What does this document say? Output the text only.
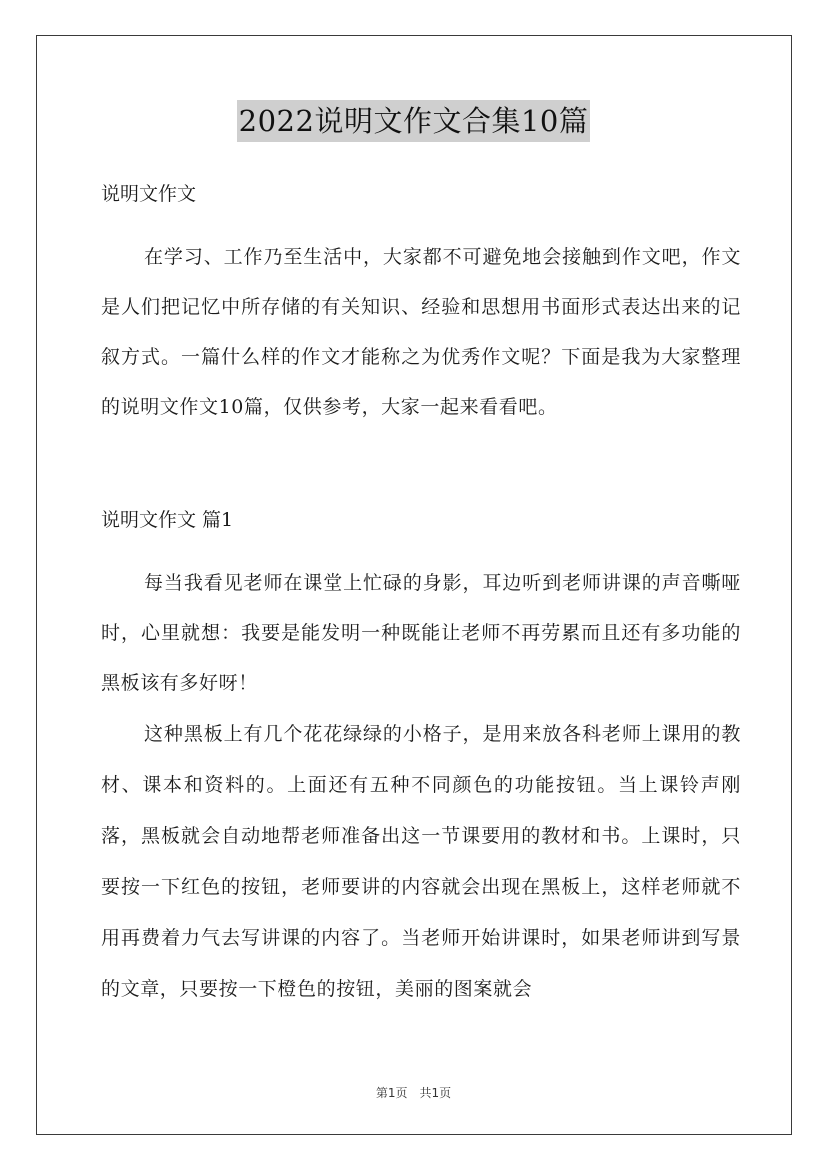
2022说明文作文合集10篇

说明文作文

在学习、工作乃至生活中，大家都不可避免地会接触到作文吧，作文是人们把记忆中所存储的有关知识、经验和思想用书面形式表达出来的记叙方式。一篇什么样的作文才能称之为优秀作文呢？下面是我为大家整理的说明文作文10篇，仅供参考，大家一起来看看吧。

说明文作文 篇1

每当我看见老师在课堂上忙碌的身影，耳边听到老师讲课的声音嘶哑时，心里就想：我要是能发明一种既能让老师不再劳累而且还有多功能的黑板该有多好呀！

这种黑板上有几个花花绿绿的小格子，是用来放各科老师上课用的教材、课本和资料的。上面还有五种不同颜色的功能按钮。当上课铃声刚落，黑板就会自动地帮老师准备出这一节课要用的教材和书。上课时，只要按一下红色的按钮，老师要讲的内容就会出现在黑板上，这样老师就不用再费着力气去写讲课的内容了。当老师开始讲课时，如果老师讲到写景的文章，只要按一下橙色的按钮，美丽的图案就会

第1页　共1页
